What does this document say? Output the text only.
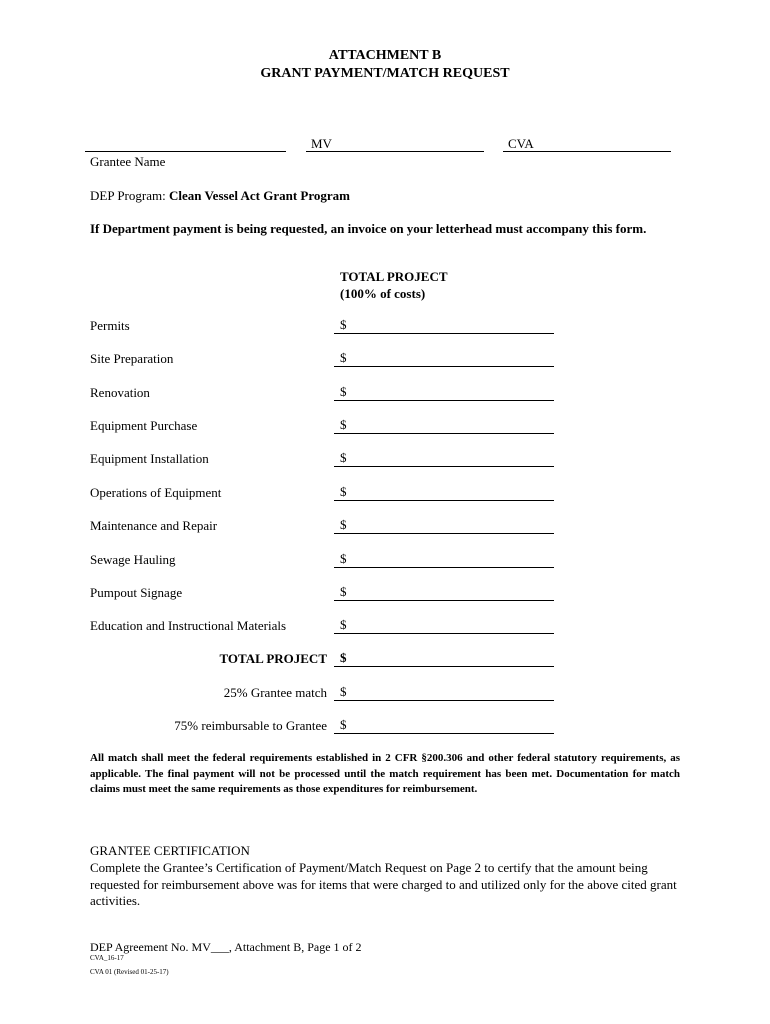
ATTACHMENT B
GRANT PAYMENT/MATCH REQUEST
MV	CVA
Grantee Name
DEP Program: Clean Vessel Act Grant Program
If Department payment is being requested, an invoice on your letterhead must accompany this form.
TOTAL PROJECT
(100% of costs)
Permits	$
Site Preparation	$
Renovation	$
Equipment Purchase	$
Equipment Installation	$
Operations of Equipment	$
Maintenance and Repair	$
Sewage Hauling	$
Pumpout Signage	$
Education and Instructional Materials	$
TOTAL PROJECT $
25% Grantee match $
75% reimbursable to Grantee $
All match shall meet the federal requirements established in 2 CFR §200.306 and other federal statutory requirements, as applicable. The final payment will not be processed until the match requirement has been met. Documentation for match claims must meet the same requirements as those expenditures for reimbursement.
GRANTEE CERTIFICATION
Complete the Grantee’s Certification of Payment/Match Request on Page 2 to certify that the amount being requested for reimbursement above was for items that were charged to and utilized only for the above cited grant activities.
DEP Agreement No. MV___, Attachment B, Page 1 of 2
CVA_16-17
CVA 01 (Revised 01-25-17)
